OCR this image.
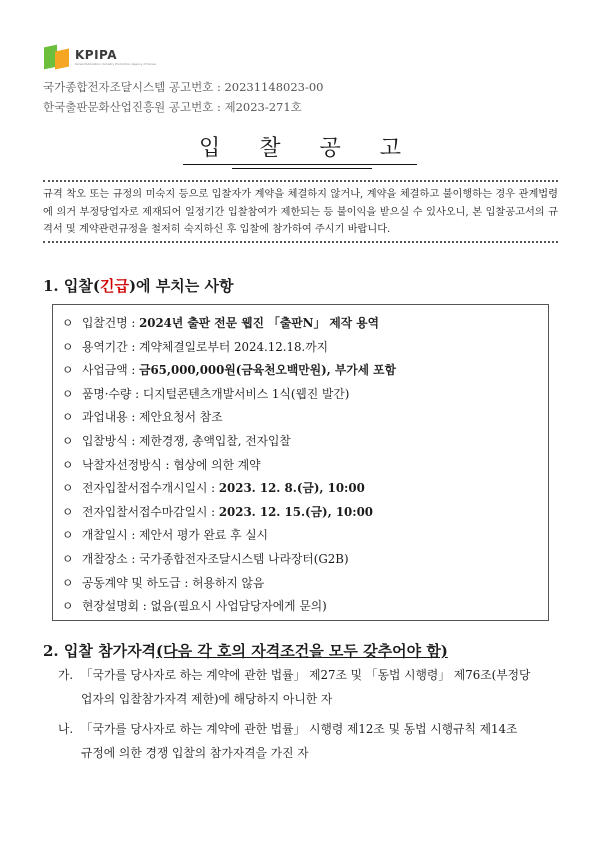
KPIPA
Korea Publication Industry Promotion Agency of Korea
국가종합전자조달시스템 공고번호 : 20231148023-00
한국출판문화산업진흥원 공고번호 : 제2023-271호
입 찰 공 고
규격 착오 또는 규정의 미숙지 등으로 입찰자가 계약을 체결하지 않거나, 계약을 체결하고 불이행하는 경우 관계법령에 의거 부정당업자로 제재되어 일정기간 입찰참여가 제한되는 등 불이익을 받으실 수 있사오니, 본 입찰공고서의 규격서 및 계약관련규정을 철저히 숙지하신 후 입찰에 참가하여 주시기 바랍니다.
1. 입찰(긴급)에 부치는 사항
ㅇ 입찰건명 : 2024년 출판 전문 웹진 「출판N」 제작 용역
ㅇ 용역기간 : 계약체결일로부터 2024.12.18.까지
ㅇ 사업금액 : 금65,000,000원(금육천오백만원), 부가세 포함
ㅇ 품명·수량 : 디지털콘텐츠개발서비스 1식(웹진 발간)
ㅇ 과업내용 : 제안요청서 참조
ㅇ 입찰방식 : 제한경쟁, 총액입찰, 전자입찰
ㅇ 낙찰자선정방식 : 협상에 의한 계약
ㅇ 전자입찰서접수개시일시 : 2023. 12. 8.(금), 10:00
ㅇ 전자입찰서접수마감일시 : 2023. 12. 15.(금), 10:00
ㅇ 개찰일시 : 제안서 평가 완료 후 실시
ㅇ 개찰장소 : 국가종합전자조달시스템 나라장터(G2B)
ㅇ 공동계약 및 하도급 : 허용하지 않음
ㅇ 현장설명회 : 없음(필요시 사업담당자에게 문의)
2. 입찰 참가자격(다음 각 호의 자격조건을 모두 갖추어야 함)
가. 「국가를 당사자로 하는 계약에 관한 법률」 제27조 및 「동법 시행령」 제76조(부정당
업자의 입찰참가자격 제한)에 해당하지 아니한 자
나. 「국가를 당사자로 하는 계약에 관한 법률」 시행령 제12조 및 동법 시행규칙 제14조
규정에 의한 경쟁 입찰의 참가자격을 가진 자
